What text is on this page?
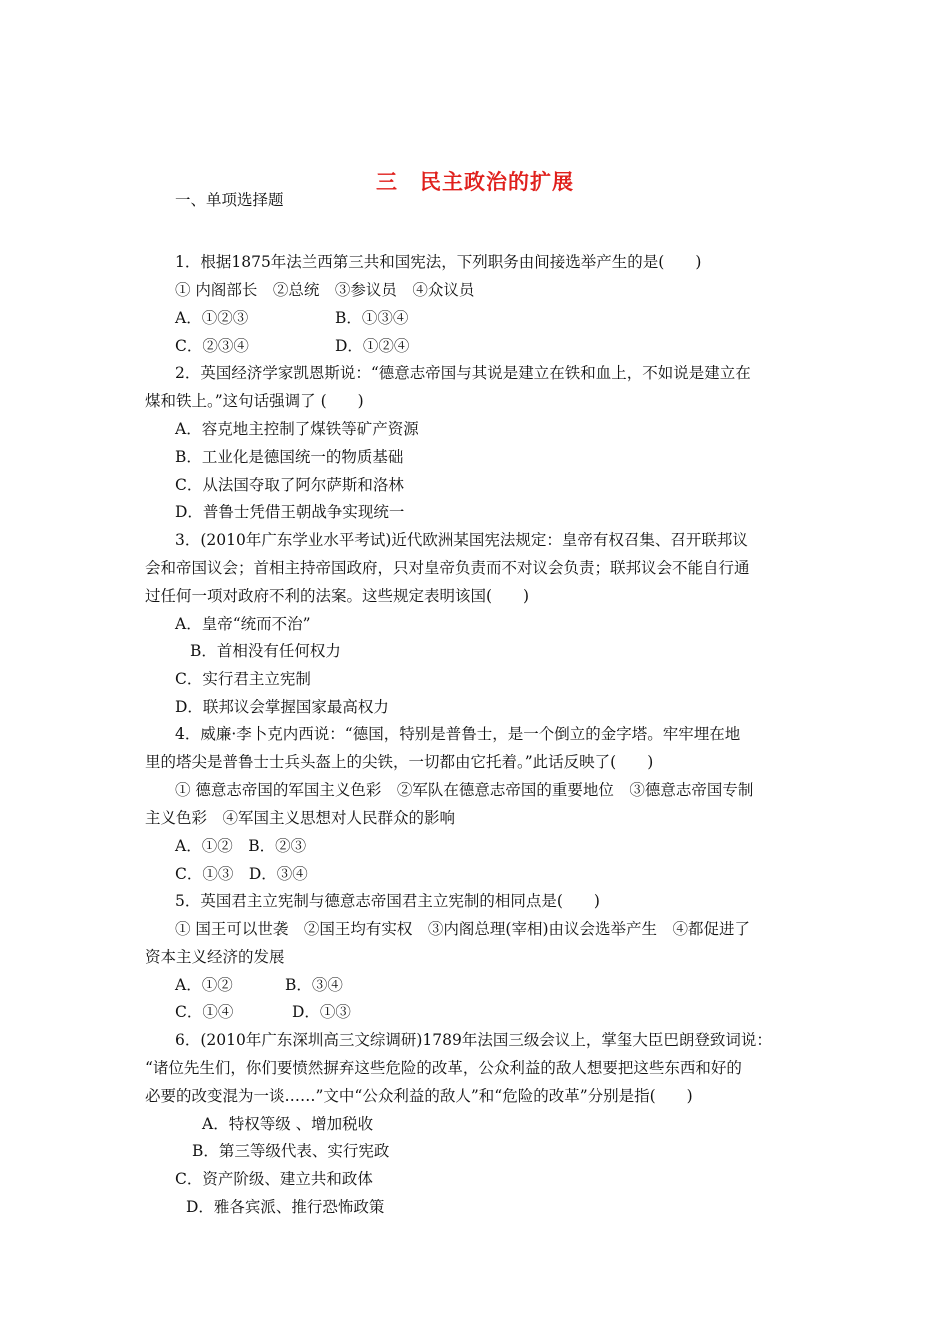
三　民主政治的扩展
一、单项选择题
1．根据1875年法兰西第三共和国宪法，下列职务由间接选举产生的是(　　)
① 内阁部长　②总统　③参议员　④众议员
A．①②③	B．①③④
C．②③④	D．①②④
2．英国经济学家凯恩斯说：“德意志帝国与其说是建立在铁和血上，不如说是建立在
煤和铁上。”这句话强调了 (　　)
A．容克地主控制了煤铁等矿产资源
B．工业化是德国统一的物质基础
C．从法国夺取了阿尔萨斯和洛林
D．普鲁士凭借王朝战争实现统一
3．(2010年广东学业水平考试)近代欧洲某国宪法规定：皇帝有权召集、召开联邦议
会和帝国议会；首相主持帝国政府，只对皇帝负责而不对议会负责；联邦议会不能自行通
过任何一项对政府不利的法案。这些规定表明该国(　　)
A．皇帝“统而不治”
B．首相没有任何权力
C．实行君主立宪制
D．联邦议会掌握国家最高权力
4．威廉·李卜克内西说：“德国，特别是普鲁士，是一个倒立的金字塔。牢牢埋在地
里的塔尖是普鲁士士兵头盔上的尖铁，一切都由它托着。”此话反映了(　　)
① 德意志帝国的军国主义色彩　②军队在德意志帝国的重要地位　③德意志帝国专制
主义色彩　④军国主义思想对人民群众的影响
A．①②　B．②③
C．①③　D．③④
5．英国君主立宪制与德意志帝国君主立宪制的相同点是(　　)
① 国王可以世袭　②国王均有实权　③内阁总理(宰相)由议会选举产生　④都促进了
资本主义经济的发展
A．①②	B．③④
C．①④	D．①③
6．(2010年广东深圳高三文综调研)1789年法国三级会议上，掌玺大臣巴朗登致词说：
“诸位先生们，你们要愤然摒弃这些危险的改革，公众利益的敌人想要把这些东西和好的
必要的改变混为一谈……”文中“公众利益的敌人”和“危险的改革”分别是指(　　)
A．特权等级 、增加税收
B．第三等级代表、实行宪政
C．资产阶级、建立共和政体
D．雅各宾派、推行恐怖政策
